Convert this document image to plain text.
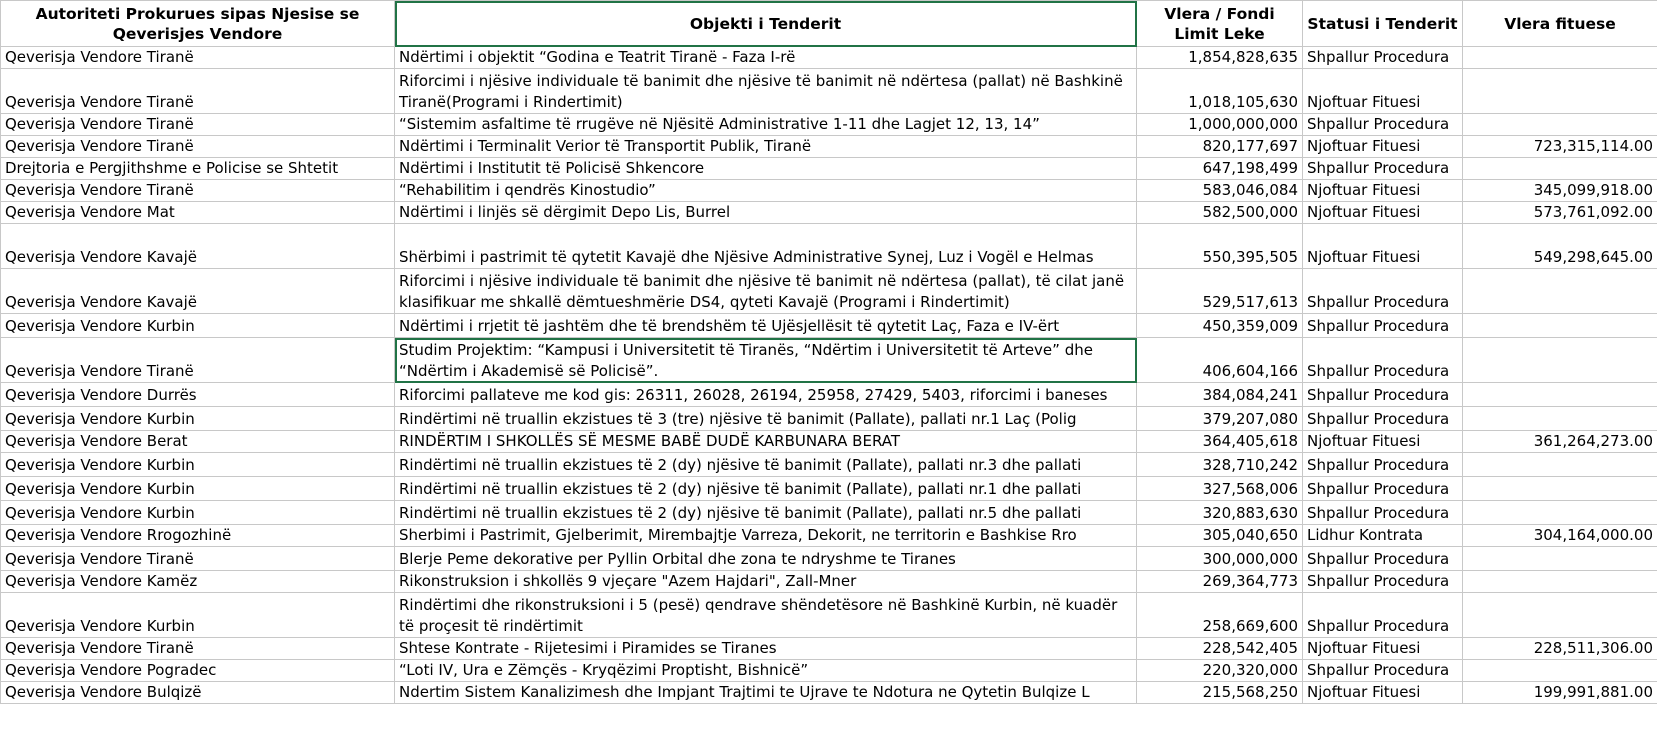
Autoriteti Prokurues sipas Njesise se Qeverisjes Vendore	Objekti i Tenderit	Vlera / Fondi Limit Leke	Statusi i Tenderit	Vlera fituese
Qeverisja Vendore Tiranë	Ndërtimi i objektit “Godina e Teatrit Tiranë - Faza I-rë	1,854,828,635	Shpallur Procedura	
Qeverisja Vendore Tiranë	Riforcimi i njësive individuale të banimit dhe njësive të banimit në ndërtesa (pallat) në Bashkinë Tiranë(Programi i Rindertimit)	1,018,105,630	Njoftuar Fituesi	
Qeverisja Vendore Tiranë	“Sistemim asfaltime të rrugëve në Njësitë Administrative 1-11 dhe Lagjet 12, 13, 14”	1,000,000,000	Shpallur Procedura	
Qeverisja Vendore Tiranë	Ndërtimi i Terminalit Verior të Transportit Publik, Tiranë	820,177,697	Njoftuar Fituesi	723,315,114.00
Drejtoria e Pergjithshme e Policise se Shtetit	Ndërtimi i Institutit të Policisë Shkencore	647,198,499	Shpallur Procedura	
Qeverisja Vendore Tiranë	“Rehabilitim i qendrës Kinostudio”	583,046,084	Njoftuar Fituesi	345,099,918.00
Qeverisja Vendore Mat	Ndërtimi i linjës së dërgimit Depo Lis, Burrel	582,500,000	Njoftuar Fituesi	573,761,092.00
Qeverisja Vendore Kavajë	Shërbimi i pastrimit të qytetit Kavajë dhe Njësive Administrative Synej, Luz i Vogël e Helmas	550,395,505	Njoftuar Fituesi	549,298,645.00
Qeverisja Vendore Kavajë	Riforcimi i njësive individuale të banimit dhe njësive të banimit në ndërtesa (pallat), të cilat janë klasifikuar me shkallë dëmtueshmërie DS4, qyteti Kavajë (Programi i Rindertimit)	529,517,613	Shpallur Procedura	
Qeverisja Vendore Kurbin	Ndërtimi i rrjetit të jashtëm dhe të brendshëm të Ujësjellësit të qytetit Laç, Faza e IV-ërt	450,359,009	Shpallur Procedura	
Qeverisja Vendore Tiranë	Studim Projektim: “Kampusi i Universitetit të Tiranës, “Ndërtim i Universitetit të Arteve” dhe “Ndërtim i Akademisë së Policisë”.	406,604,166	Shpallur Procedura	
Qeverisja Vendore Durrës	Riforcimi pallateve me kod gis: 26311, 26028, 26194, 25958, 27429, 5403, riforcimi i baneses	384,084,241	Shpallur Procedura	
Qeverisja Vendore Kurbin	Rindërtimi në truallin ekzistues të 3 (tre) njësive të banimit (Pallate), pallati nr.1 Laç (Polig	379,207,080	Shpallur Procedura	
Qeverisja Vendore Berat	RINDËRTIM I SHKOLLËS SË MESME BABË DUDË KARBUNARA BERAT	364,405,618	Njoftuar Fituesi	361,264,273.00
Qeverisja Vendore Kurbin	Rindërtimi në truallin ekzistues të 2 (dy) njësive të banimit (Pallate), pallati nr.3 dhe pallati	328,710,242	Shpallur Procedura	
Qeverisja Vendore Kurbin	Rindërtimi në truallin ekzistues të 2 (dy) njësive të banimit (Pallate), pallati nr.1 dhe pallati	327,568,006	Shpallur Procedura	
Qeverisja Vendore Kurbin	Rindërtimi në truallin ekzistues të 2 (dy) njësive të banimit (Pallate), pallati nr.5 dhe pallati	320,883,630	Shpallur Procedura	
Qeverisja Vendore Rrogozhinë	Sherbimi i Pastrimit, Gjelberimit, Mirembajtje Varreza, Dekorit, ne territorin e Bashkise Rro	305,040,650	Lidhur Kontrata	304,164,000.00
Qeverisja Vendore Tiranë	Blerje Peme dekorative per Pyllin Orbital dhe zona te ndryshme te Tiranes	300,000,000	Shpallur Procedura	
Qeverisja Vendore Kamëz	Rikonstruksion i shkollës 9 vjeçare "Azem Hajdari", Zall-Mner	269,364,773	Shpallur Procedura	
Qeverisja Vendore Kurbin	Rindërtimi dhe rikonstruksioni i 5 (pesë) qendrave shëndetësore në Bashkinë Kurbin, në kuadër të proçesit të rindërtimit	258,669,600	Shpallur Procedura	
Qeverisja Vendore Tiranë	Shtese Kontrate - Rijetesimi i Piramides se Tiranes	228,542,405	Njoftuar Fituesi	228,511,306.00
Qeverisja Vendore Pogradec	“Loti IV, Ura e Zëmçës - Kryqëzimi Proptisht, Bishnicë”	220,320,000	Shpallur Procedura	
Qeverisja Vendore Bulqizë	Ndertim Sistem Kanalizimesh dhe Impjant Trajtimi te Ujrave te Ndotura ne Qytetin Bulqize L	215,568,250	Njoftuar Fituesi	199,991,881.00
